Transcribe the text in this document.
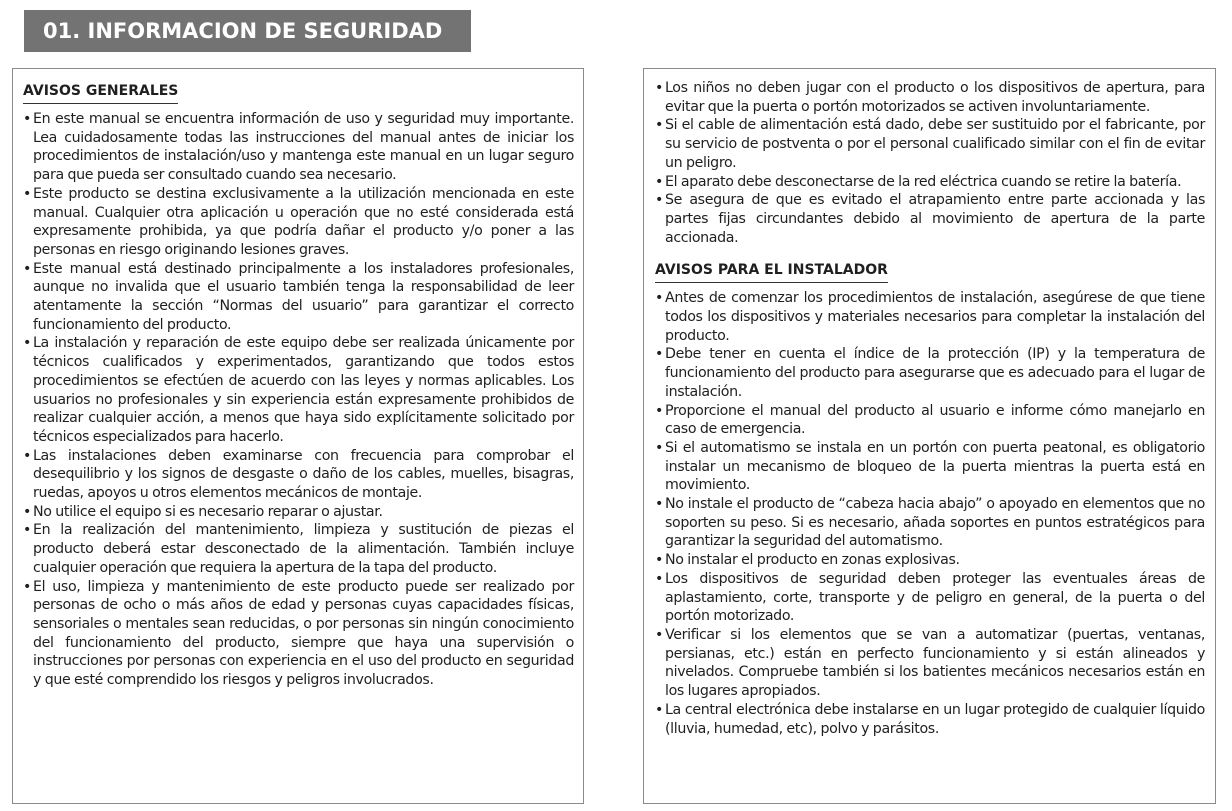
01. INFORMACION DE SEGURIDAD
AVISOS GENERALES
• En este manual se encuentra información de uso y seguridad muy importante. Lea cuidadosamente todas las instrucciones del manual antes de iniciar los procedimientos de instalación/uso y mantenga este manual en un lugar seguro para que pueda ser consultado cuando sea necesario.
• Este producto se destina exclusivamente a la utilización mencionada en este manual. Cualquier otra aplicación u operación que no esté considerada está expresamente prohibida, ya que podría dañar el producto y/o poner a las personas en riesgo originando lesiones graves.
• Este manual está destinado principalmente a los instaladores profesionales, aunque no invalida que el usuario también tenga la responsabilidad de leer atentamente la sección “Normas del usuario” para garantizar el correcto funcionamiento del producto.
• La instalación y reparación de este equipo debe ser realizada únicamente por técnicos cualificados y experimentados, garantizando que todos estos procedimientos se efectúen de acuerdo con las leyes y normas aplicables. Los usuarios no profesionales y sin experiencia están expresamente prohibidos de realizar cualquier acción, a menos que haya sido explícitamente solicitado por técnicos especializados para hacerlo.
• Las instalaciones deben examinarse con frecuencia para comprobar el desequilibrio y los signos de desgaste o daño de los cables, muelles, bisagras, ruedas, apoyos u otros elementos mecánicos de montaje.
• No utilice el equipo si es necesario reparar o ajustar.
• En la realización del mantenimiento, limpieza y sustitución de piezas el producto deberá estar desconectado de la alimentación. También incluye cualquier operación que requiera la apertura de la tapa del producto.
• El uso, limpieza y mantenimiento de este producto puede ser realizado por personas de ocho o más años de edad y personas cuyas capacidades físicas, sensoriales o mentales sean reducidas, o por personas sin ningún conocimiento del funcionamiento del producto, siempre que haya una supervisión o instrucciones por personas con experiencia en el uso del producto en seguridad y que esté comprendido los riesgos y peligros involucrados.
• Los niños no deben jugar con el producto o los dispositivos de apertura, para evitar que la puerta o portón motorizados se activen involuntariamente.
• Si el cable de alimentación está dado, debe ser sustituido por el fabricante, por su servicio de postventa o por el personal cualificado similar con el fin de evitar un peligro.
• El aparato debe desconectarse de la red eléctrica cuando se retire la batería.
• Se asegura de que es evitado el atrapamiento entre parte accionada y las partes fijas circundantes debido al movimiento de apertura de la parte accionada.
AVISOS PARA EL INSTALADOR
• Antes de comenzar los procedimientos de instalación, asegúrese de que tiene todos los dispositivos y materiales necesarios para completar la instalación del producto.
• Debe tener en cuenta el índice de la protección (IP) y la temperatura de funcionamiento del producto para asegurarse que es adecuado para el lugar de instalación.
• Proporcione el manual del producto al usuario e informe cómo manejarlo en caso de emergencia.
• Si el automatismo se instala en un portón con puerta peatonal, es obligatorio instalar un mecanismo de bloqueo de la puerta mientras la puerta está en movimiento.
• No instale el producto de “cabeza hacia abajo” o apoyado en elementos que no soporten su peso. Si es necesario, añada soportes en puntos estratégicos para garantizar la seguridad del automatismo.
• No instalar el producto en zonas explosivas.
• Los dispositivos de seguridad deben proteger las eventuales áreas de aplastamiento, corte, transporte y de peligro en general, de la puerta o del portón motorizado.
• Verificar si los elementos que se van a automatizar (puertas, ventanas, persianas, etc.) están en perfecto funcionamiento y si están alineados y nivelados. Compruebe también si los batientes mecánicos necesarios están en los lugares apropiados.
• La central electrónica debe instalarse en un lugar protegido de cualquier líquido (lluvia, humedad, etc), polvo y parásitos.
